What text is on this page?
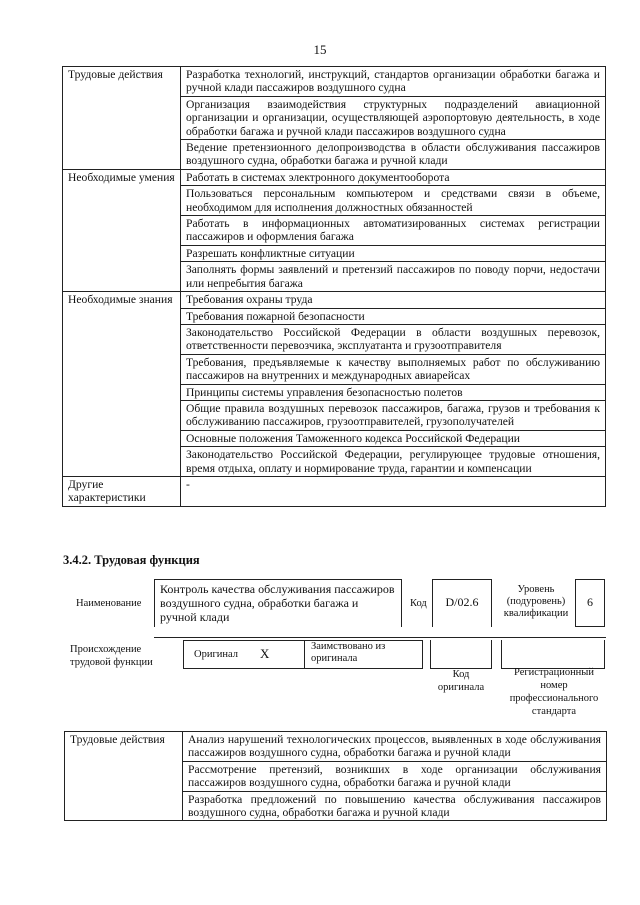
15
Трудовые действия	Разработка технологий, инструкций, стандартов организации обработки багажа и ручной клади пассажиров воздушного судна
	Организация взаимодействия структурных подразделений авиационной организации и организации, осуществляющей аэропортовую деятельность, в ходе обработки багажа и ручной клади пассажиров воздушного судна
	Ведение претензионного делопроизводства в области обслуживания пассажиров воздушного судна, обработки багажа и ручной клади
Необходимые умения	Работать в системах электронного документооборота
	Пользоваться персональным компьютером и средствами связи в объеме, необходимом для исполнения должностных обязанностей
	Работать в информационных автоматизированных системах регистрации пассажиров и оформления багажа
	Разрешать конфликтные ситуации
	Заполнять формы заявлений и претензий пассажиров по поводу порчи, недостачи или непребытия багажа
Необходимые знания	Требования охраны труда
	Требования пожарной безопасности
	Законодательство Российской Федерации в области воздушных перевозок, ответственности перевозчика, эксплуатанта и грузоотправителя
	Требования, предъявляемые к качеству выполняемых работ по обслуживанию пассажиров на внутренних и международных авиарейсах
	Принципы системы управления безопасностью полетов
	Общие правила воздушных перевозок пассажиров, багажа, грузов и требования к обслуживанию пассажиров, грузоотправителей, грузополучателей
	Основные положения Таможенного кодекса Российской Федерации
	Законодательство Российской Федерации, регулирующее трудовые отношения, время отдыха, оплату и нормирование труда, гарантии и компенсации
Другие характеристики	-
3.4.2. Трудовая функция
Наименование
Контроль качества обслуживания пассажиров воздушного судна, обработки багажа и ручной клади
Код	D/02.6
Уровень (подуровень) квалификации
6
Происхождение трудовой функции
Оригинал X	Заимствовано из оригинала
Код оригинала
Регистрационный номер профессионального стандарта
Трудовые действия	Анализ нарушений технологических процессов, выявленных в ходе обслуживания пассажиров воздушного судна, обработки багажа и ручной клади
Рассмотрение претензий, возникших в ходе организации обслуживания пассажиров воздушного судна, обработки багажа и ручной клади
Разработка предложений по повышению качества обслуживания пассажиров воздушного судна, обработки багажа и ручной клади
